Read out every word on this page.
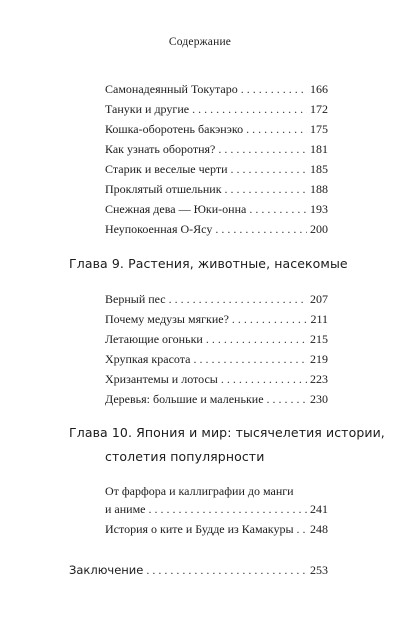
Содержание
Самонадеянный Токутаро . . .	166
Тануки и другие . . .	172
Кошка-оборотень бакэнэко . . .	175
Как узнать оборотня? . . .	181
Старик и веселые черти . . .	185
Проклятый отшельник . . .	188
Снежная дева — Юки-онна . . .	193
Неупокоенная О-Ясу . . .	200
Глава 9. Растения, животные, насекомые
Верный пес . . .	207
Почему медузы мягкие? . . .	211
Летающие огоньки . . .	215
Хрупкая красота . . .	219
Хризантемы и лотосы . . .	223
Деревья: большие и маленькие . . .	230
Глава 10. Япония и мир: тысячелетия истории,
столетия популярности
От фарфора и каллиграфии до манги
и аниме . . .	241
История о ките и Будде из Камакуры . . . 248
Заключение . . .	253
